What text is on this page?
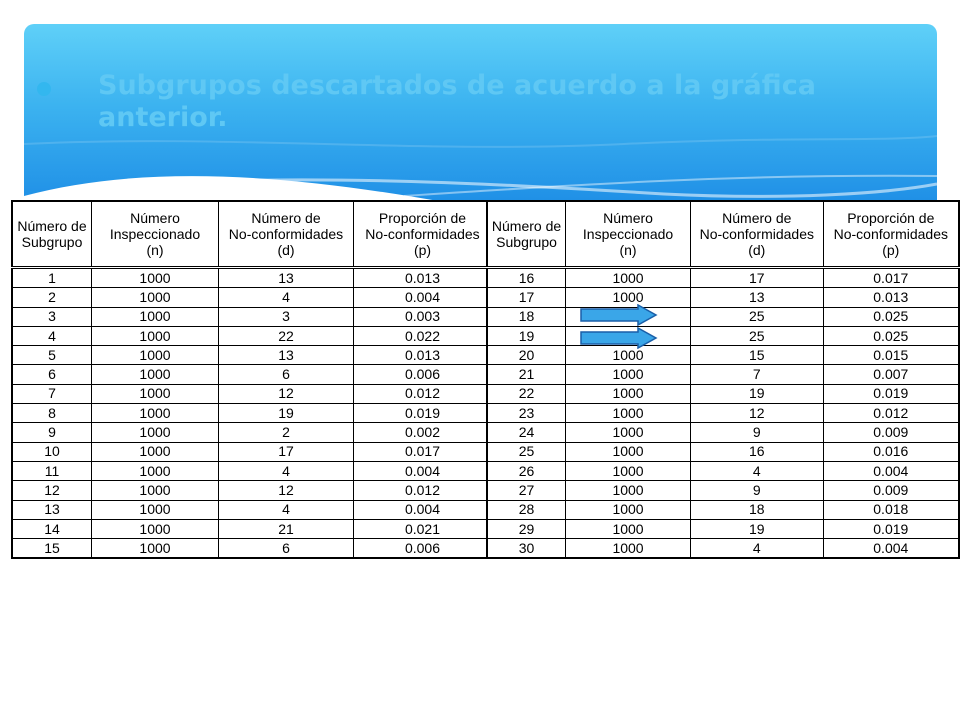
Subgrupos descartados de acuerdo a la gráfica anterior.
Número de
Subgrupo	Número
Inspeccionado
(n)	Número de
No-conformidades
(d)	Proporción de
No-conformidades
(p)
1	1000	13	0.013
2	1000	4	0.004
3	1000	3	0.003
4	1000	22	0.022
5	1000	13	0.013
6	1000	6	0.006
7	1000	12	0.012
8	1000	19	0.019
9	1000	2	0.002
10	1000	17	0.017
11	1000	4	0.004
12	1000	12	0.012
13	1000	4	0.004
14	1000	21	0.021
15	1000	6	0.006
Número de
Subgrupo	Número
Inspeccionado
(n)	Número de
No-conformidades
(d)	Proporción de
No-conformidades
(p)
16	1000	17	0.017
17	1000	13	0.013
18		25	0.025
19		25	0.025
20	1000	15	0.015
21	1000	7	0.007
22	1000	19	0.019
23	1000	12	0.012
24	1000	9	0.009
25	1000	16	0.016
26	1000	4	0.004
27	1000	9	0.009
28	1000	18	0.018
29	1000	19	0.019
30	1000	4	0.004
